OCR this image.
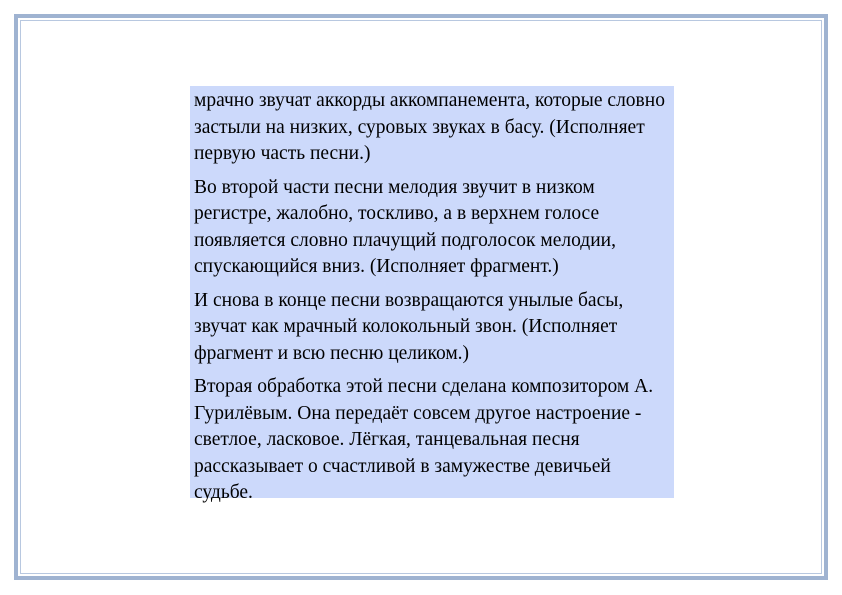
мрачно звучат аккорды аккомпанемента, которые словно застыли на низких, суровых звуках в басу. (Исполняет первую часть песни.)

Во второй части песни мелодия звучит в низком регистре, жалобно, тоскливо, а в верхнем голосе появляется словно плачущий подголосок мелодии, спускающийся вниз. (Исполняет фрагмент.)

И снова в конце песни возвращаются унылые басы, звучат как мрачный колокольный звон. (Исполняет фрагмент и всю песню целиком.)

Вторая обработка этой песни сделана композитором А. Гурилёвым. Она передаёт совсем другое настроение - светлое, ласковое. Лёгкая, танцевальная песня рассказывает о счастливой в замужестве девичьей судьбе.
